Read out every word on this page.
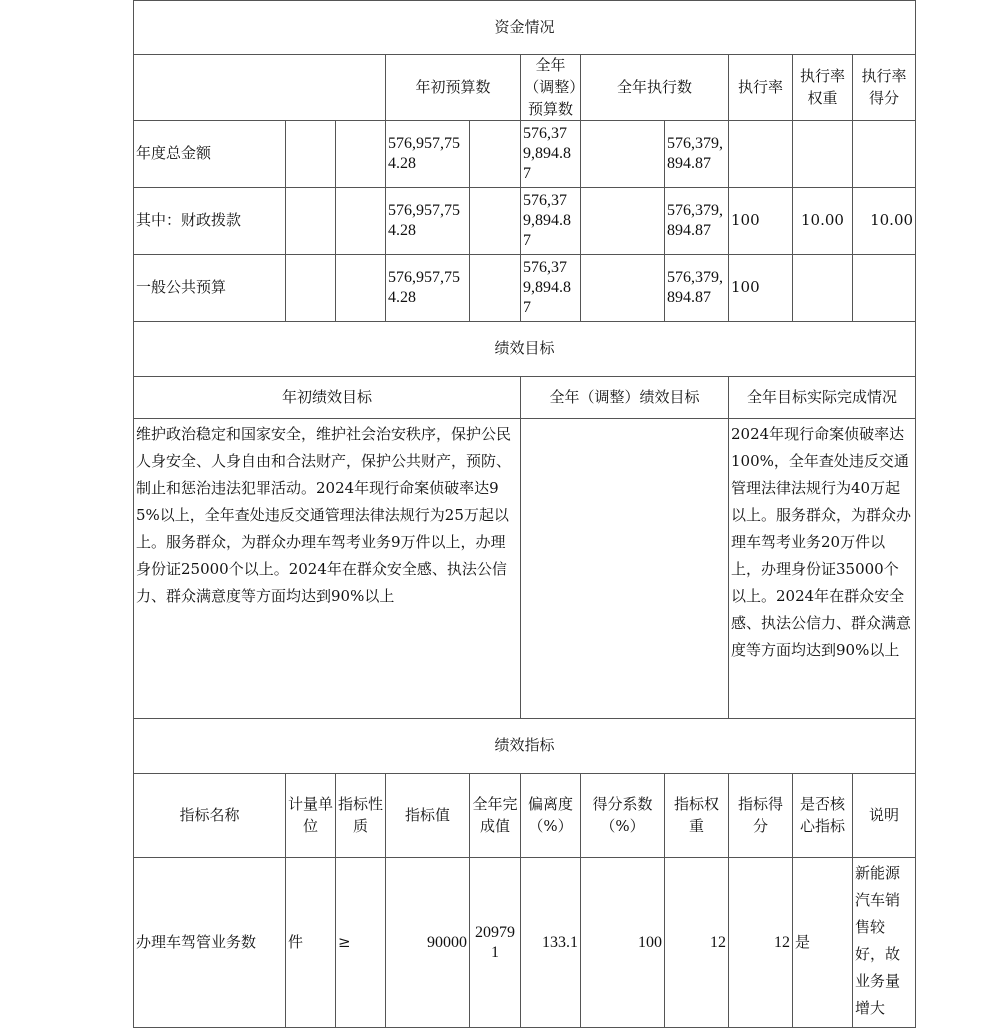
资金情况										
			年初预算数		全年（调整）预算数	全年执行数		执行率	执行率权重	执行率得分
年度总金额			576,957,754.28		576,379,894.87		576,379,894.87			
其中：财政拨款			576,957,754.28		576,379,894.87		576,379,894.87	100	10.00	10.00
一般公共预算			576,957,754.28		576,379,894.87		576,379,894.87	100		
绩效目标										
年初绩效目标					全年（调整）绩效目标			全年目标实际完成情况		
维护政治稳定和国家安全，维护社会治安秩序，保护公民人身安全、人身自由和合法财产，保护公共财产，预防、制止和惩治违法犯罪活动。2024年现行命案侦破率达95%以上，全年查处违反交通管理法律法规行为25万起以上。服务群众，为群众办理车驾考业务9万件以上，办理身份证25000个以上。2024年在群众安全感、执法公信力、群众满意度等方面均达到90%以上								2024年现行命案侦破率达100%，全年查处违反交通管理法律法规行为40万起以上。服务群众，为群众办理车驾考业务20万件以上，办理身份证35000个以上。2024年在群众安全感、执法公信力、群众满意度等方面均达到90%以上		
绩效指标										
指标名称	计量单位	指标性质	指标值	全年完成值	偏离度（%）	得分系数（%）	指标权重	指标得分	是否核心指标	说明
办理车驾管业务数	件	≥	90000	209791	133.1	100	12	12	是	新能源汽车销售较好，故业务量增大
